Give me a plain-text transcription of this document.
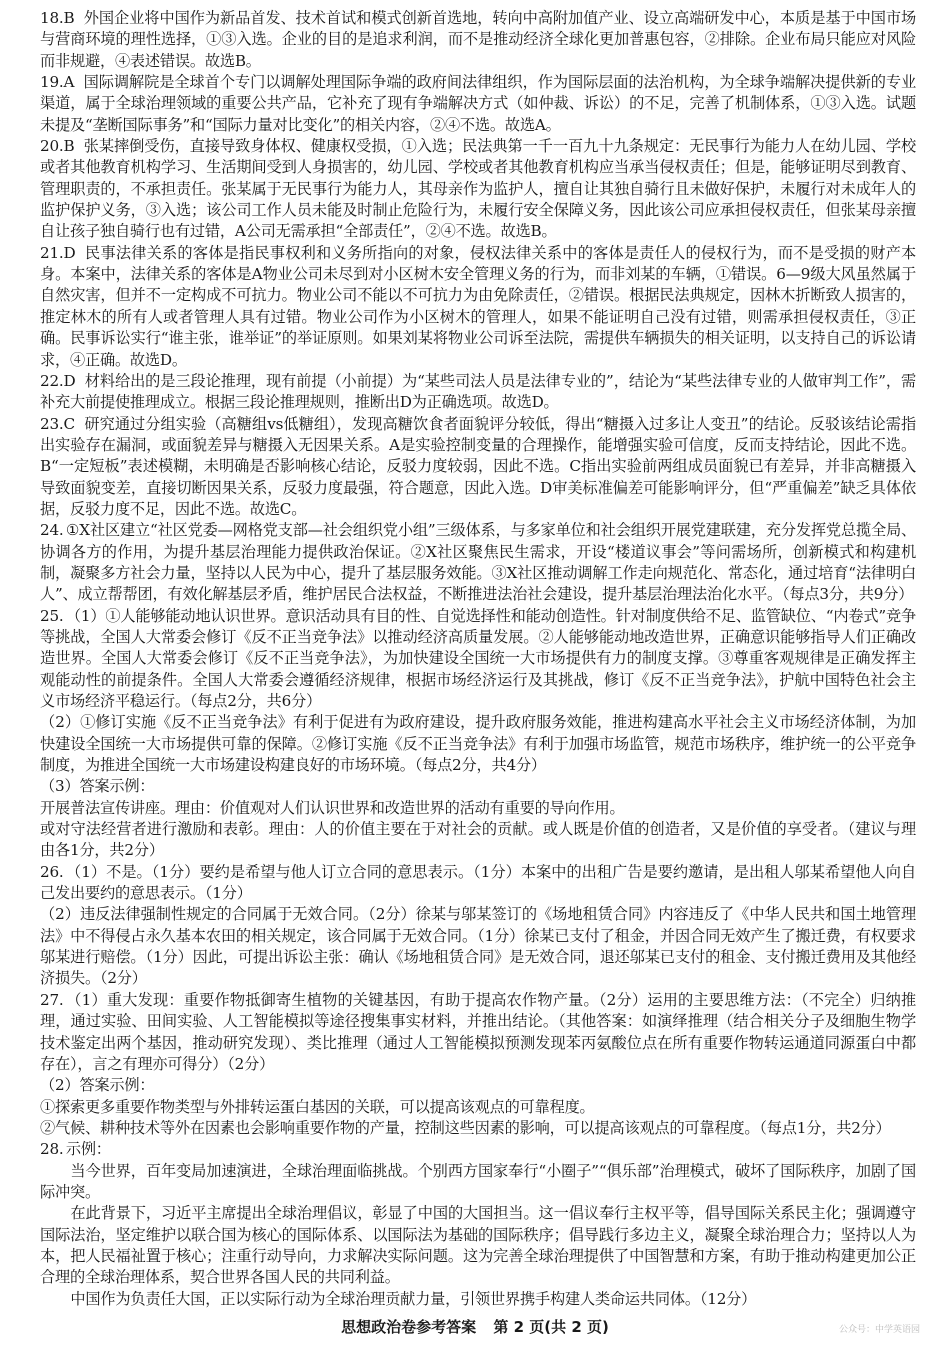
18.B 外国企业将中国作为新品首发、技术首试和模式创新首选地，转向中高附加值产业、设立高端研发中心，本质是基于中国市场与营商环境的理性选择，①③入选。企业的目的是追求利润，而不是推动经济全球化更加普惠包容，②排除。企业布局只能应对风险而非规避，④表述错误。故选B。

19.A 国际调解院是全球首个专门以调解处理国际争端的政府间法律组织，作为国际层面的法治机构，为全球争端解决提供新的专业渠道，属于全球治理领域的重要公共产品，它补充了现有争端解决方式（如仲裁、诉讼）的不足，完善了机制体系，①③入选。试题未提及“垄断国际事务”和“国际力量对比变化”的相关内容，②④不选。故选A。

20.B 张某摔倒受伤，直接导致身体权、健康权受损，①入选；民法典第一千一百九十九条规定：无民事行为能力人在幼儿园、学校或者其他教育机构学习、生活期间受到人身损害的，幼儿园、学校或者其他教育机构应当承当侵权责任；但是，能够证明尽到教育、管理职责的，不承担责任。张某属于无民事行为能力人，其母亲作为监护人，擅自让其独自骑行且未做好保护，未履行对未成年人的监护保护义务，③入选；该公司工作人员未能及时制止危险行为，未履行安全保障义务，因此该公司应承担侵权责任，但张某母亲擅自让孩子独自骑行也有过错，A公司无需承担“全部责任”，②④不选。故选B。

21.D 民事法律关系的客体是指民事权利和义务所指向的对象，侵权法律关系中的客体是责任人的侵权行为，而不是受损的财产本身。本案中，法律关系的客体是A物业公司未尽到对小区树木安全管理义务的行为，而非刘某的车辆，①错误。6—9级大风虽然属于自然灾害，但并不一定构成不可抗力。物业公司不能以不可抗力为由免除责任，②错误。根据民法典规定，因林木折断致人损害的，推定林木的所有人或者管理人具有过错。物业公司作为小区树木的管理人，如果不能证明自己没有过错，则需承担侵权责任，③正确。民事诉讼实行“谁主张，谁举证”的举证原则。如果刘某将物业公司诉至法院，需提供车辆损失的相关证明，以支持自己的诉讼请求，④正确。故选D。

22.D 材料给出的是三段论推理，现有前提（小前提）为“某些司法人员是法律专业的”，结论为“某些法律专业的人做审判工作”，需补充大前提使推理成立。根据三段论推理规则，推断出D为正确选项。故选D。

23.C 研究通过分组实验（高糖组vs低糖组），发现高糖饮食者面貌评分较低，得出“糖摄入过多让人变丑”的结论。反驳该结论需指出实验存在漏洞，或面貌差异与糖摄入无因果关系。A是实验控制变量的合理操作，能增强实验可信度，反而支持结论，因此不选。B“一定短板”表述模糊，未明确是否影响核心结论，反驳力度较弱，因此不选。C指出实验前两组成员面貌已有差异，并非高糖摄入导致面貌变差，直接切断因果关系，反驳力度最强，符合题意，因此入选。D审美标准偏差可能影响评分，但“严重偏差”缺乏具体依据，反驳力度不足，因此不选。故选C。

24. ①X社区建立“社区党委—网格党支部—社会组织党小组”三级体系，与多家单位和社会组织开展党建联建，充分发挥党总揽全局、协调各方的作用，为提升基层治理能力提供政治保证。②X社区聚焦民生需求，开设“楼道议事会”等问需场所，创新模式和构建机制，凝聚多方社会力量，坚持以人民为中心，提升了基层服务效能。③X社区推动调解工作走向规范化、常态化，通过培育“法律明白人”、成立帮帮团，有效化解基层矛盾，维护居民合法权益，不断推进法治社会建设，提升基层治理法治化水平。（每点3分，共9分）

25. （1）①人能够能动地认识世界。意识活动具有目的性、自觉选择性和能动创造性。针对制度供给不足、监管缺位、“内卷式”竞争等挑战，全国人大常委会修订《反不正当竞争法》以推动经济高质量发展。②人能够能动地改造世界，正确意识能够指导人们正确改造世界。全国人大常委会修订《反不正当竞争法》，为加快建设全国统一大市场提供有力的制度支撑。③尊重客观规律是正确发挥主观能动性的前提条件。全国人大常委会遵循经济规律，根据市场经济运行及其挑战，修订《反不正当竞争法》，护航中国特色社会主义市场经济平稳运行。（每点2分，共6分）

（2）①修订实施《反不正当竞争法》有利于促进有为政府建设，提升政府服务效能，推进构建高水平社会主义市场经济体制，为加快建设全国统一大市场提供可靠的保障。②修订实施《反不正当竞争法》有利于加强市场监管，规范市场秩序，维护统一的公平竞争制度，为推进全国统一大市场建设构建良好的市场环境。（每点2分，共4分）

（3）答案示例：

开展普法宣传讲座。理由：价值观对人们认识世界和改造世界的活动有重要的导向作用。

或对守法经营者进行激励和表彰。理由：人的价值主要在于对社会的贡献。或人既是价值的创造者，又是价值的享受者。（建议与理由各1分，共2分）

26. （1）不是。（1分）要约是希望与他人订立合同的意思表示。（1分）本案中的出租广告是要约邀请，是出租人邬某希望他人向自己发出要约的意思表示。（1分）

（2）违反法律强制性规定的合同属于无效合同。（2分）徐某与邬某签订的《场地租赁合同》内容违反了《中华人民共和国土地管理法》中不得侵占永久基本农田的相关规定，该合同属于无效合同。（1分）徐某已支付了租金，并因合同无效产生了搬迁费，有权要求邬某进行赔偿。（1分）因此，可提出诉讼主张：确认《场地租赁合同》是无效合同，退还邬某已支付的租金、支付搬迁费用及其他经济损失。（2分）

27. （1）重大发现：重要作物抵御寄生植物的关键基因，有助于提高农作物产量。（2分）运用的主要思维方法：（不完全）归纳推理，通过实验、田间实验、人工智能模拟等途径搜集事实材料，并推出结论。（其他答案：如演绎推理（结合相关分子及细胞生物学技术鉴定出两个基因，推动研究发现）、类比推理（通过人工智能模拟预测发现苯丙氨酸位点在所有重要作物转运通道同源蛋白中都存在），言之有理亦可得分）（2分）

（2）答案示例：

①探索更多重要作物类型与外排转运蛋白基因的关联，可以提高该观点的可靠程度。

②气候、耕种技术等外在因素也会影响重要作物的产量，控制这些因素的影响，可以提高该观点的可靠程度。（每点1分，共2分）

28. 示例：

当今世界，百年变局加速演进，全球治理面临挑战。个别西方国家奉行“小圈子”“俱乐部”治理模式，破坏了国际秩序，加剧了国际冲突。

在此背景下，习近平主席提出全球治理倡议，彰显了中国的大国担当。这一倡议奉行主权平等，倡导国际关系民主化；强调遵守国际法治，坚定维护以联合国为核心的国际体系、以国际法为基础的国际秩序；倡导践行多边主义，凝聚全球治理合力；坚持以人为本，把人民福祉置于核心；注重行动导向，力求解决实际问题。这为完善全球治理提供了中国智慧和方案，有助于推动构建更加公正合理的全球治理体系，契合世界各国人民的共同利益。

中国作为负责任大国，正以实际行动为全球治理贡献力量，引领世界携手构建人类命运共同体。（12分）

思想政治卷参考答案 第 2 页(共 2 页)	公众号：中学英语园
